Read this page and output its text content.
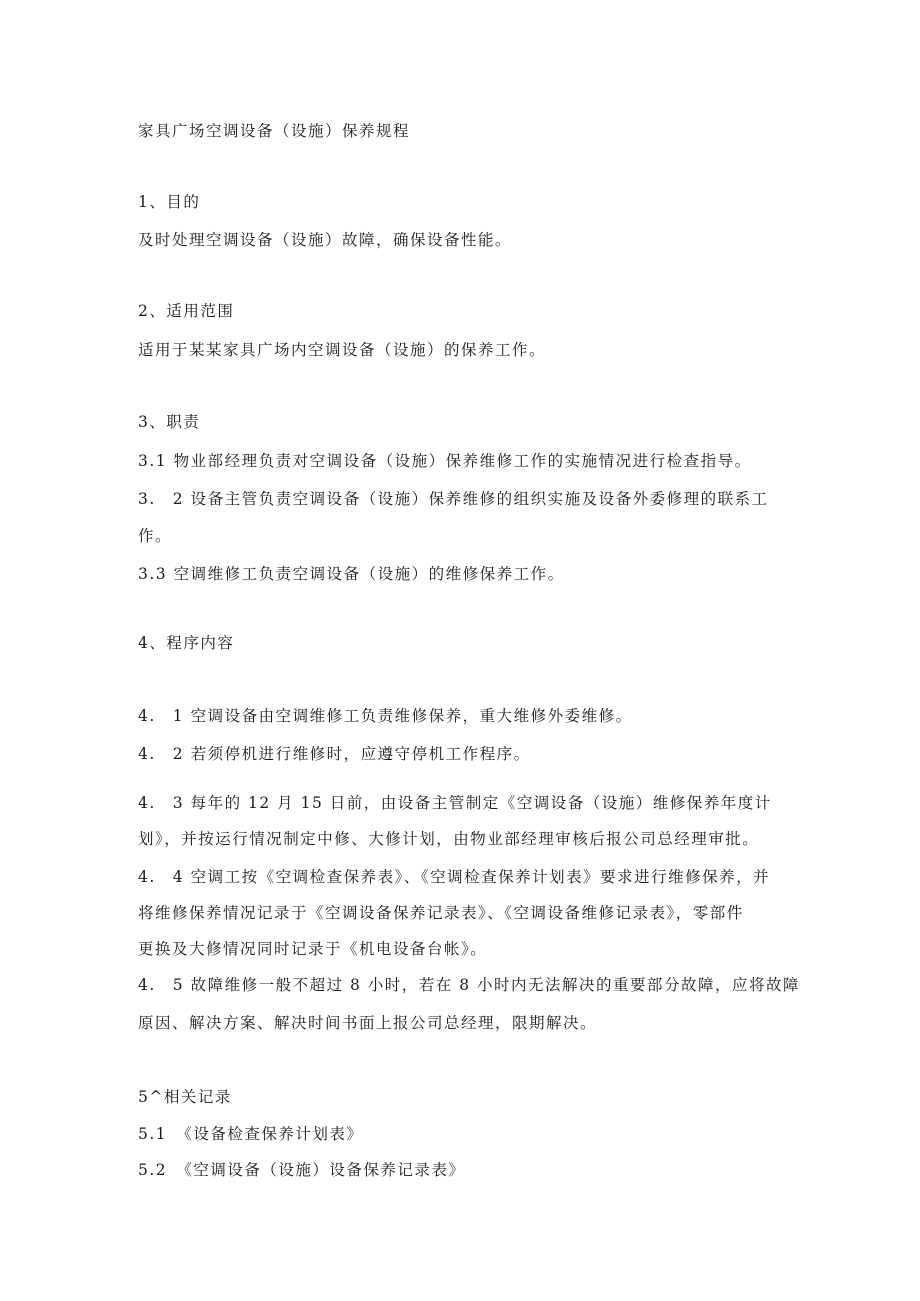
家具广场空调设备（设施）保养规程
1、目的
及时处理空调设备（设施）故障，确保设备性能。
2、适用范围
适用于某某家具广场内空调设备（设施）的保养工作。
3、职责
3.1 物业部经理负责对空调设备（设施）保养维修工作的实施情况进行检查指导。
3.　2 设备主管负责空调设备（设施）保养维修的组织实施及设备外委修理的联系工
作。
3.3 空调维修工负责空调设备（设施）的维修保养工作。
4、程序内容
4.　1 空调设备由空调维修工负责维修保养，重大维修外委维修。
4.　2 若须停机进行维修时，应遵守停机工作程序。
4.　3 每年的 12 月 15 日前，由设备主管制定《空调设备（设施）维修保养年度计
划》，并按运行情况制定中修、大修计划，由物业部经理审核后报公司总经理审批。
4.　4 空调工按《空调检查保养表》、《空调检查保养计划表》要求进行维修保养，并
将维修保养情况记录于《空调设备保养记录表》、《空调设备维修记录表》，零部件
更换及大修情况同时记录于《机电设备台帐》。
4.　5 故障维修一般不超过 8 小时，若在 8 小时内无法解决的重要部分故障，应将故障
原因、解决方案、解决时间书面上报公司总经理，限期解决。
5^相关记录
5.1　《设备检查保养计划表》
5.2　《空调设备（设施）设备保养记录表》
